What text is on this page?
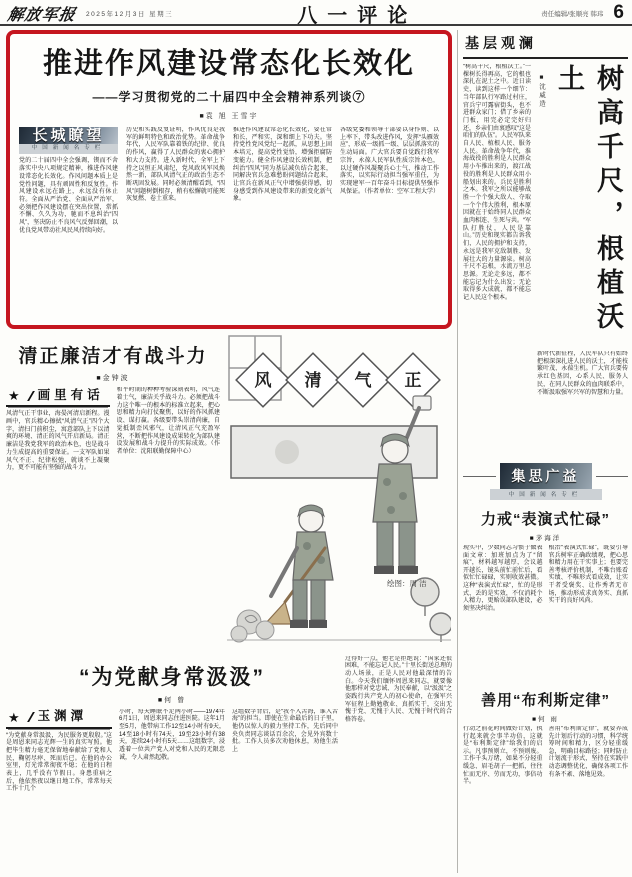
解放军报 2025年12月3日 星期三	八一评论	责任编辑/张顺亮 韩玮 6
推进作风建设常态化长效化
——学习贯彻党的二十届四中全会精神系列谈⑦
■袁 旭 王雪宇
长城瞭望
中国新闻名专栏
党的二十届四中全会强调，锲而不舍落实中央八项规定精神，推进作风建设常态化长效化。作风问题本质上是党性问题，具有顽固性和反复性。作风建设永远在路上，永远没有休止符。全面从严治党、全面从严治军，必须把作风建设摆在突出位置，常抓不懈、久久为功，驰而不息纠治“四风”，坚决防止不良风气反弹回潮，以优良党风带动社风民风持续向好。
历史和实践反复证明，作风优良是我军的鲜明特色和政治优势。革命战争年代，人民军队靠着铁的纪律、优良的作风，赢得了人民群众的衷心拥护和大力支持。进入新时代，全军上下持之以恒正风肃纪，党风政风军风焕然一新，部队风清气正的政治生态不断巩固发展。同时必须清醒看到，“四风”问题树倒根存，稍有松懈就可能死灰复燃、卷土重来。
推进作风建设常态化长效化，要在常和长、严和实、深和细上下功夫。坚持党性党风党纪一起抓，从思想上固本培元，提高党性觉悟，增强拒腐防变能力。健全作风建设长效机制，把纠治“四风”同为基层减负结合起来，同解决官兵急难愁盼问题结合起来，让官兵在新风正气中增强获得感，切身感受到作风建设带来的新变化新气象。
各级党委和领导干部要以身作则、以上率下，带头改进作风，发挥“头雁效应”，形成一级抓一级、层层抓落实的生动局面。广大官兵要自觉践行我军宗旨，永葆人民军队性质宗旨本色，以过硬作风凝聚兵心士气、推动工作落实，以实际行动担当强军重任，为实现建军一百年奋斗目标提供坚强作风保证。（作者单位：空军工程大学）
清正廉洁才有战斗力
■金钟波
★ 画里有话
风清气正干事业，海晏河清启新程。漫画中，官兵精心擦拭“风清气正”四个大字，清扫门前积尘，寓意部队上下以清爽的环境、清正的风气开启新局。清正廉洁是我党我军的政治本色，也是战斗力生成提高的重要保证。一支军队如果风气不正、纪律松弛，就谈不上凝聚力，更不可能有坚强的战斗力。
和平时期的种种考验深刻表明，风气连着士气，廉洁关乎战斗力。必须把战斗力这个唯一的根本的标准立起来，把心思和精力向打仗聚焦，以好的作风抓建设、谋打赢。各级要带头崇清尚廉，自觉抵制歪风邪气，让清风正气充盈军营，不断把作风建设成果转化为部队建设发展和战斗力提升的实际成效。（作者单位：沈阳联勤保障中心）
风 清 气 正
绘图：周 洁
“为党献身常汲汲”
■何 曾
★ 玉渊潭
“为党献身常汲汲，为民服务更殷殷。”这是周恩来同志光辉一生的真实写照。他把毕生精力毫无保留地奉献给了党和人民，鞠躬尽瘁、死而后已。在他的办公室里，灯光常常彻夜不熄；在他的日程表上，几乎没有节假日。身患重病之后，他依然夜以继日地工作，常常每天工作十几个
小时，每天睡眠不足两小时——1974年6月1日，周恩来同志住进医院。这年1月至5月，他带病工作12至14小时有9天，14至18小时有74天，19至23小时有38天，连续24小时有5天……这组数字，浸透着一位共产党人对党和人民的无限忠诚，令人肃然起敬。
这组数字背后，是“我不入苦海，谁入苦海”的担当。即使在生命最后的日子里，他仍以惊人的毅力坚持工作，先后同中央负责同志谈话百余次，会见外宾数十批。工作人员多次劝他休息，劝他生活上
过得好一点，他老是拒绝说：“国家还很困难，不能忘记人民。”十里长街送总理的动人场景，正是人民对他最深情的告白。今天我们缅怀周恩来同志，就要像他那样对党忠诚、为民奉献，以“汲汲”之姿践行共产党人的初心使命，在强军兴军征程上勤勉敬业、真抓实干，交出无愧于党、无愧于人民、无愧于时代的合格答卷。
基层观澜
“树高千尺，根植沃土。”一棵树长得再高，它的根也深扎在泥土之中。近日读史，读到这样一个细节：当年部队行军路过村庄，官兵宁可露宿街头，也不进群众家门；借了乡亲的门板，用完必定完好归还，乡亲们由衷感叹“这是咱们的队伍”。人民军队来自人民、植根人民、服务人民。革命战争年代，淮海战役的胜利是人民群众用小车推出来的，渡江战役的胜利是人民群众用小船划出来的。兵民是胜利之本。我军之所以能够战胜一个个强大敌人、夺取一个个伟大胜利，根本原因就在于始终同人民群众血肉相连、生死与共。“军队打胜仗，人民是靠山。”历史和现实都告诉我们，人民的拥护和支持，永远是我军克敌制胜、发展壮大的力量源泉。树高千尺不忘根，水流万里总思源。无论走多远，都不能忘记为什么出发；无论取得多大成就，都不能忘记人民这个根本。
■沈威造	树高千尺，根植沃土
新时代新征程，人民军队只有始终把根深深扎进人民的沃土，才能枝繁叶茂、永葆生机。广大官兵要传承红色基因，心系人民、服务人民，在同人民群众的血肉联系中，不断汲取强军兴军的智慧和力量。
集思广益
中国新闻名专栏
力戒“表演式忙碌”
■茅海洋
现实中，少数同志习惯于做表面文章：加班加点为了“留痕”，材料越写越厚，会议越开越长，镜头前忙前忙后，看似忙忙碌碌，实则收效甚微。这种“表演式忙碌”，忙的是形式、丢的是实效，不仅消耗个人精力，更贻误部队建设，必须坚决纠治。
根治“表演式忙碌”，既要引导官兵树牢正确政绩观，把心思和精力用在干实事上；也要完善考核评价机制，不唯台账看实绩、不唯形式看成效，让实干者受褒奖、让作秀者无市场，推动形成求真务实、真抓实干的良好风尚。
善用“布利斯定律”
■何 雨
行动之前花时间做好计划，执行起来就会事半功倍，这就是“布利斯定律”给我们的启示。凡事预则立，不预则废。工作千头万绪，如果不分轻重缓急、眉毛胡子一把抓，往往忙而无序、劳而无功，事倍功半。
善用“布利斯定律”，就要养成先计划后行动的习惯，科学统筹时间和精力，区分轻重缓急，明确目标路径；同时防止计划流于形式，坚持在实践中动态调整优化，确保各项工作有条不紊、落地见效。
